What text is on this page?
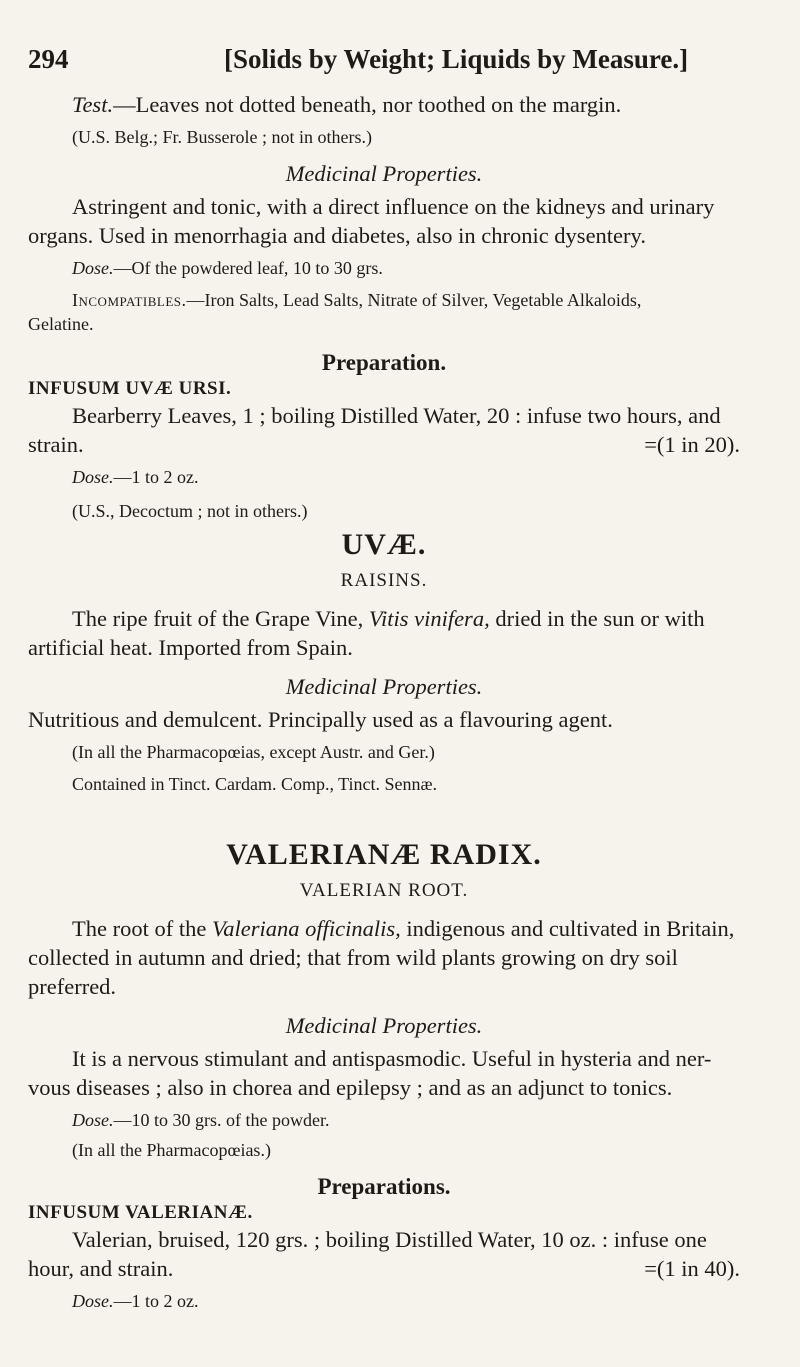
294	[Solids by Weight; Liquids by Measure.]

Test.—Leaves not dotted beneath, nor toothed on the margin.

(U.S. Belg.; Fr. Busserole ; not in others.)

Medicinal Properties.

Astringent and tonic, with a direct influence on the kidneys and urinary

organs. Used in menorrhagia and diabetes, also in chronic dysentery.

Dose.—Of the powdered leaf, 10 to 30 grs.

Incompatibles.—Iron Salts, Lead Salts, Nitrate of Silver, Vegetable Alkaloids,

Gelatine.

Preparation.

INFUSUM UVÆ URSI.

Bearberry Leaves, 1 ; boiling Distilled Water, 20 : infuse two hours, and

strain.	=(1 in 20).

Dose.—1 to 2 oz.

(U.S., Decoctum ; not in others.)

UVÆ.

RAISINS.

The ripe fruit of the Grape Vine, Vitis vinifera, dried in the sun or with

artificial heat. Imported from Spain.

Medicinal Properties.

Nutritious and demulcent. Principally used as a flavouring agent.

(In all the Pharmacopœias, except Austr. and Ger.)

Contained in Tinct. Cardam. Comp., Tinct. Sennæ.

VALERIANÆ RADIX.

VALERIAN ROOT.

The root of the Valeriana officinalis, indigenous and cultivated in Britain,

collected in autumn and dried; that from wild plants growing on dry soil

preferred.

Medicinal Properties.

It is a nervous stimulant and antispasmodic. Useful in hysteria and ner-

vous diseases ; also in chorea and epilepsy ; and as an adjunct to tonics.

Dose.—10 to 30 grs. of the powder.

(In all the Pharmacopœias.)

Preparations.

INFUSUM VALERIANÆ.

Valerian, bruised, 120 grs. ; boiling Distilled Water, 10 oz. : infuse one

hour, and strain.	=(1 in 40).

Dose.—1 to 2 oz.
